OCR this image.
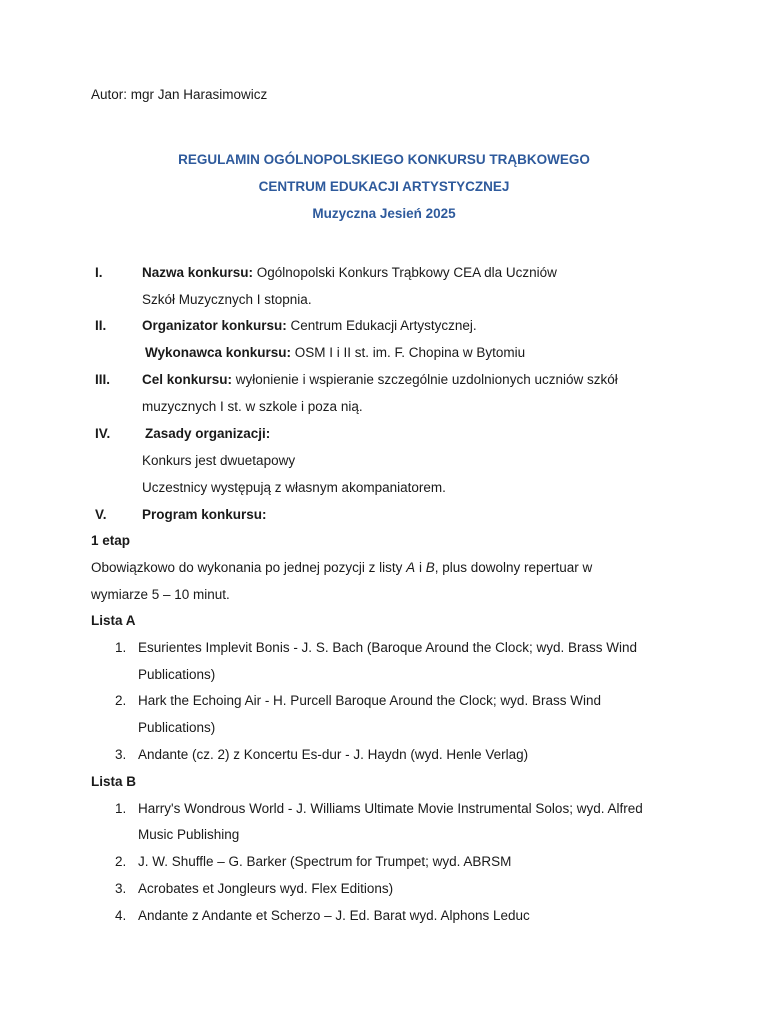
Autor: mgr Jan Harasimowicz
REGULAMIN OGÓLNOPOLSKIEGO KONKURSU TRĄBKOWEGO
CENTRUM EDUKACJI ARTYSTYCZNEJ
Muzyczna Jesień 2025
I.	Nazwa konkursu: Ogólnopolski Konkurs Trąbkowy CEA dla Uczniów
Szkół Muzycznych I stopnia.
II.	Organizator konkursu: Centrum Edukacji Artystycznej.
Wykonawca konkursu: OSM I i II st. im. F. Chopina w Bytomiu
III. Cel konkursu: wyłonienie i wspieranie szczególnie uzdolnionych uczniów szkół
muzycznych I st. w szkole i poza nią.
IV.	Zasady organizacji:
Konkurs jest dwuetapowy
Uczestnicy występują z własnym akompaniatorem.
V.	Program konkursu:
1 etap
Obowiązkowo do wykonania po jednej pozycji z listy A i B, plus dowolny repertuar w
wymiarze 5 – 10 minut.
Lista A
1. Esurientes Implevit Bonis - J. S. Bach (Baroque Around the Clock; wyd. Brass Wind
Publications)
2. Hark the Echoing Air - H. Purcell Baroque Around the Clock; wyd. Brass Wind
Publications)
3. Andante (cz. 2) z Koncertu Es-dur - J. Haydn (wyd. Henle Verlag)
Lista B
1. Harry's Wondrous World - J. Williams Ultimate Movie Instrumental Solos; wyd. Alfred
Music Publishing
2. J. W. Shuffle – G. Barker (Spectrum for Trumpet; wyd. ABRSM
3. Acrobates et Jongleurs wyd. Flex Editions)
4. Andante z Andante et Scherzo – J. Ed. Barat wyd. Alphons Leduc
